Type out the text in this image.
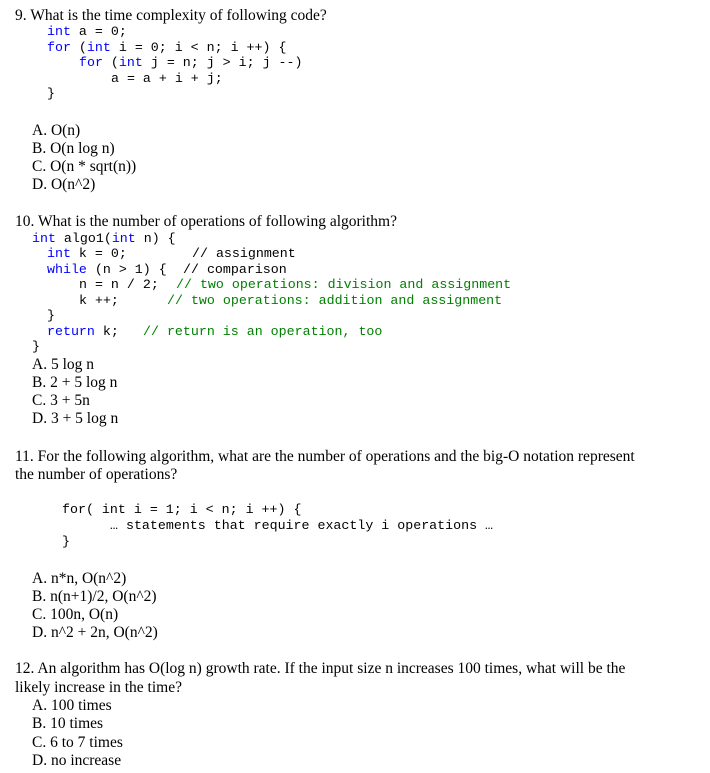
9. What is the time complexity of following code?
int a = 0;
for (int i = 0; i < n; i ++) {
for (int j = n; j > i; j --)
a = a + i + j;
}
A. O(n)
B. O(n log n)
C. O(n * sqrt(n))
D. O(n^2)
10. What is the number of operations of following algorithm?
int algo1(int n) {
int k = 0;	// assignment
while (n > 1) { // comparison
n = n / 2; // two operations: division and assignment
k ++;	// two operations: addition and assignment
}
return k; // return is an operation, too
}
A. 5 log n
B. 2 + 5 log n
C. 3 + 5n
D. 3 + 5 log n
11. For the following algorithm, what are the number of operations and the big-O notation represent
the number of operations?
for( int i = 1; i < n; i ++) {
… statements that require exactly i operations …
}
A. n*n, O(n^2)
B. n(n+1)/2, O(n^2)
C. 100n, O(n)
D. n^2 + 2n, O(n^2)
12. An algorithm has O(log n) growth rate. If the input size n increases 100 times, what will be the
likely increase in the time?
A. 100 times
B. 10 times
C. 6 to 7 times
D. no increase
